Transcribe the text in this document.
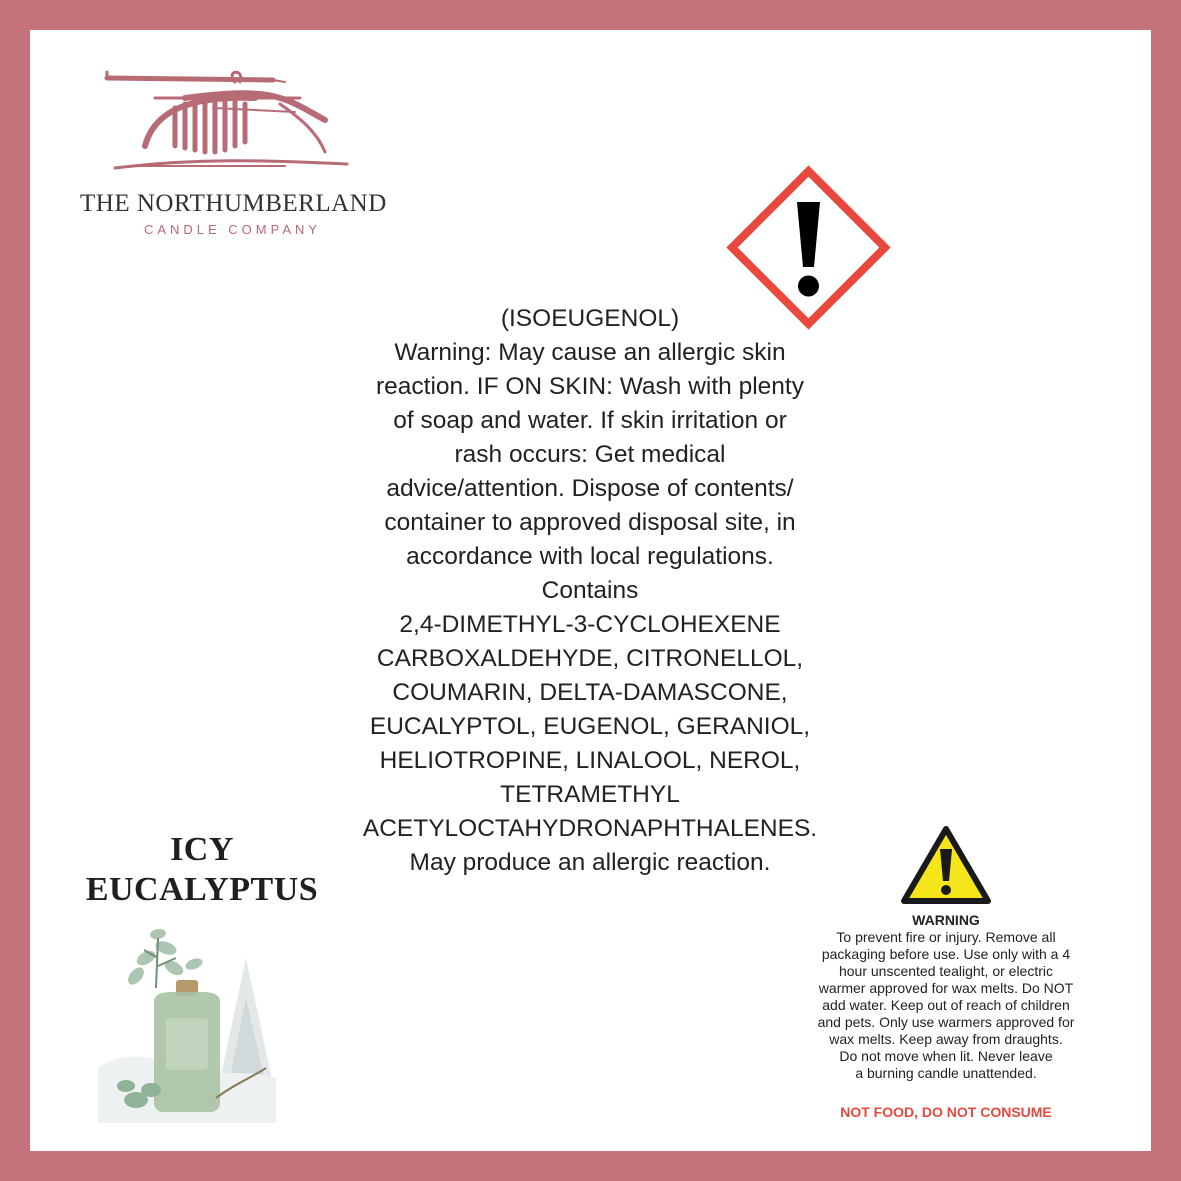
THE NORTHUMBERLAND
CANDLE COMPANY
(ISOEUGENOL)
Warning: May cause an allergic skin
reaction. IF ON SKIN: Wash with plenty
of soap and water. If skin irritation or
rash occurs: Get medical
advice/attention. Dispose of contents/
container to approved disposal site, in
accordance with local regulations.
Contains
2,4-DIMETHYL-3-CYCLOHEXENE
CARBOXALDEHYDE, CITRONELLOL,
COUMARIN, DELTA-DAMASCONE,
EUCALYPTOL, EUGENOL, GERANIOL,
HELIOTROPINE, LINALOOL, NEROL,
TETRAMETHYL
ACETYLOCTAHYDRONAPHTHALENES.
May produce an allergic reaction.
ICY
EUCALYPTUS
WARNING
To prevent fire or injury. Remove all
packaging before use. Use only with a 4
hour unscented tealight, or electric
warmer approved for wax melts. Do NOT
add water. Keep out of reach of children
and pets. Only use warmers approved for
wax melts. Keep away from draughts.
Do not move when lit. Never leave
a burning candle unattended.
NOT FOOD, DO NOT CONSUME
